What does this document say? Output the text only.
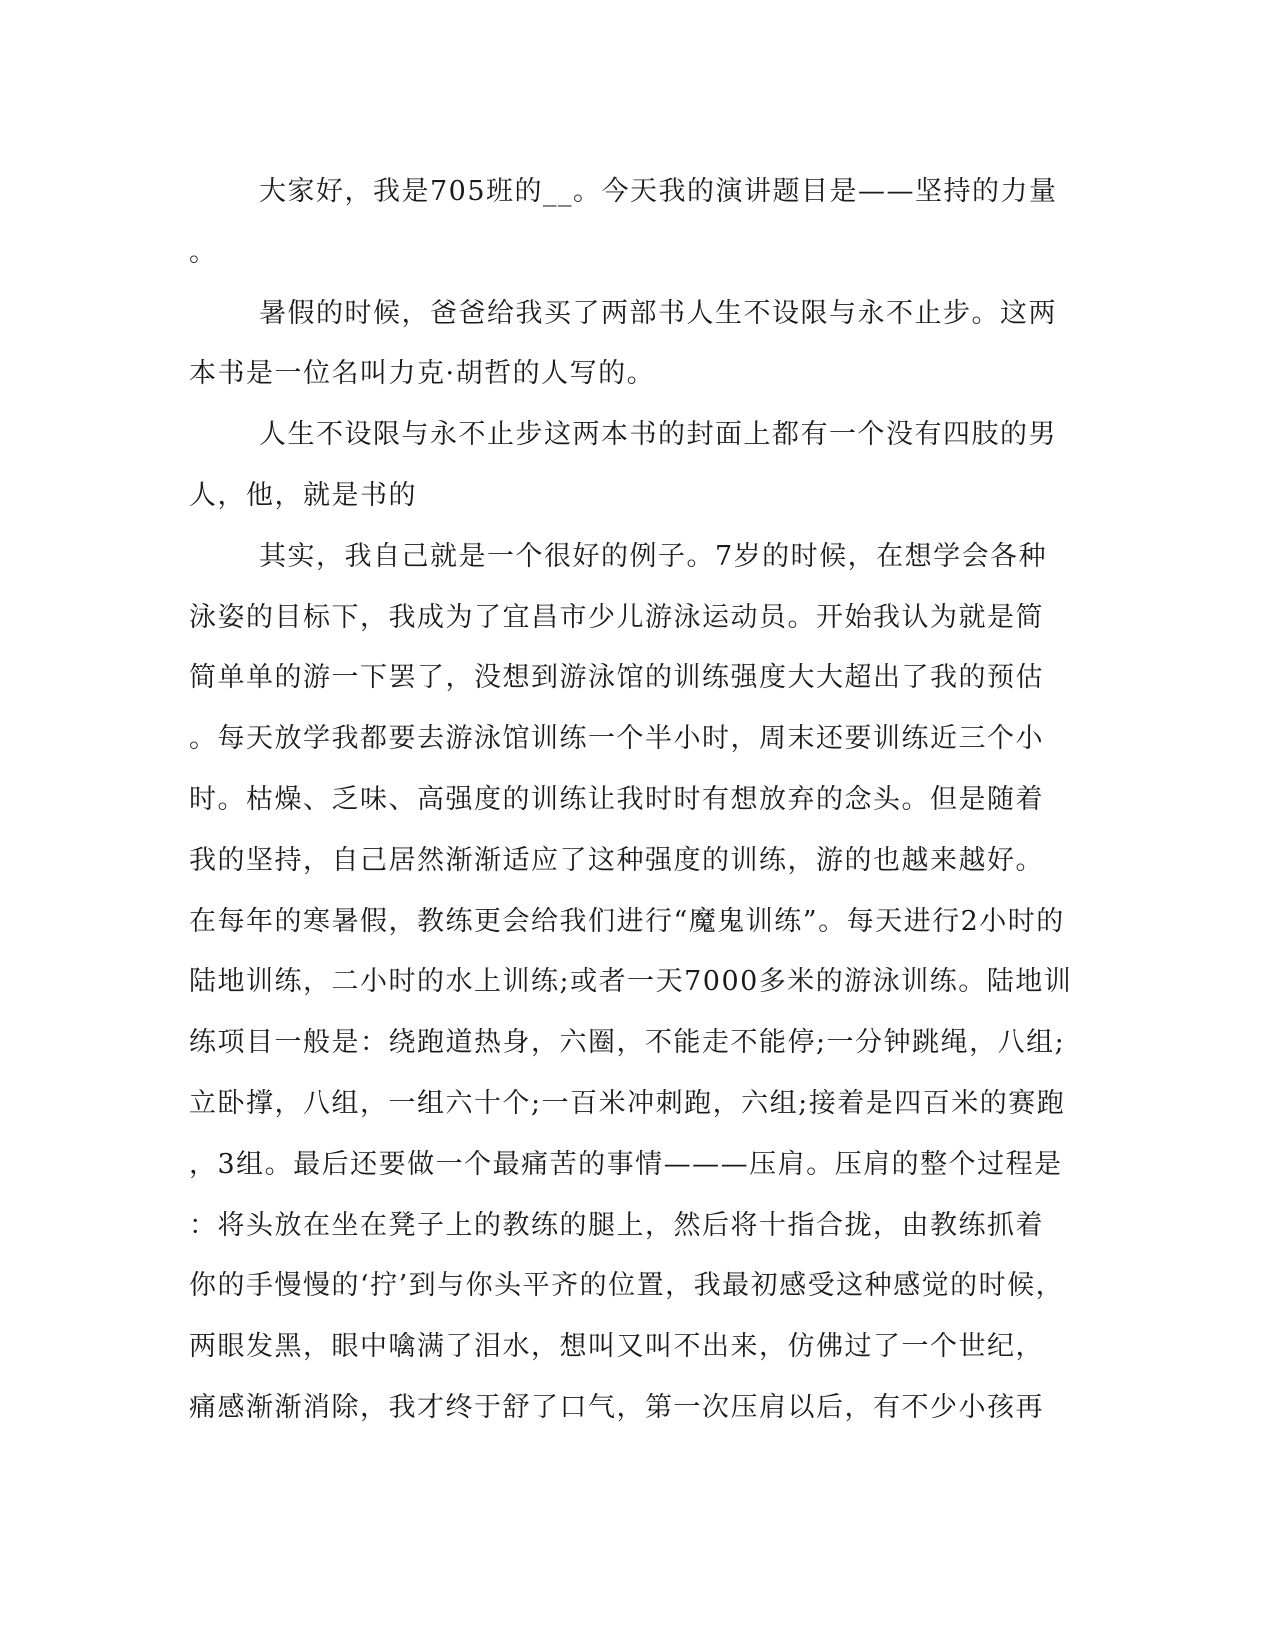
大家好，我是705班的__。今天我的演讲题目是——坚持的力量
。
暑假的时候，爸爸给我买了两部书人生不设限与永不止步。这两
本书是一位名叫力克·胡哲的人写的。
人生不设限与永不止步这两本书的封面上都有一个没有四肢的男
人，他，就是书的
其实，我自己就是一个很好的例子。7岁的时候，在想学会各种
泳姿的目标下，我成为了宜昌市少儿游泳运动员。开始我认为就是简
简单单的游一下罢了，没想到游泳馆的训练强度大大超出了我的预估
。每天放学我都要去游泳馆训练一个半小时，周末还要训练近三个小
时。枯燥、乏味、高强度的训练让我时时有想放弃的念头。但是随着
我的坚持，自己居然渐渐适应了这种强度的训练，游的也越来越好。
在每年的寒暑假，教练更会给我们进行“魔鬼训练”。每天进行2小时的
陆地训练，二小时的水上训练;或者一天7000多米的游泳训练。陆地训
练项目一般是：绕跑道热身，六圈，不能走不能停;一分钟跳绳，八组;
立卧撑，八组，一组六十个;一百米冲刺跑，六组;接着是四百米的赛跑
，3组。最后还要做一个最痛苦的事情———压肩。压肩的整个过程是
：将头放在坐在凳子上的教练的腿上，然后将十指合拢，由教练抓着
你的手慢慢的‘拧’到与你头平齐的位置，我最初感受这种感觉的时候，
两眼发黑，眼中噙满了泪水，想叫又叫不出来，仿佛过了一个世纪，
痛感渐渐消除，我才终于舒了口气，第一次压肩以后，有不少小孩再
